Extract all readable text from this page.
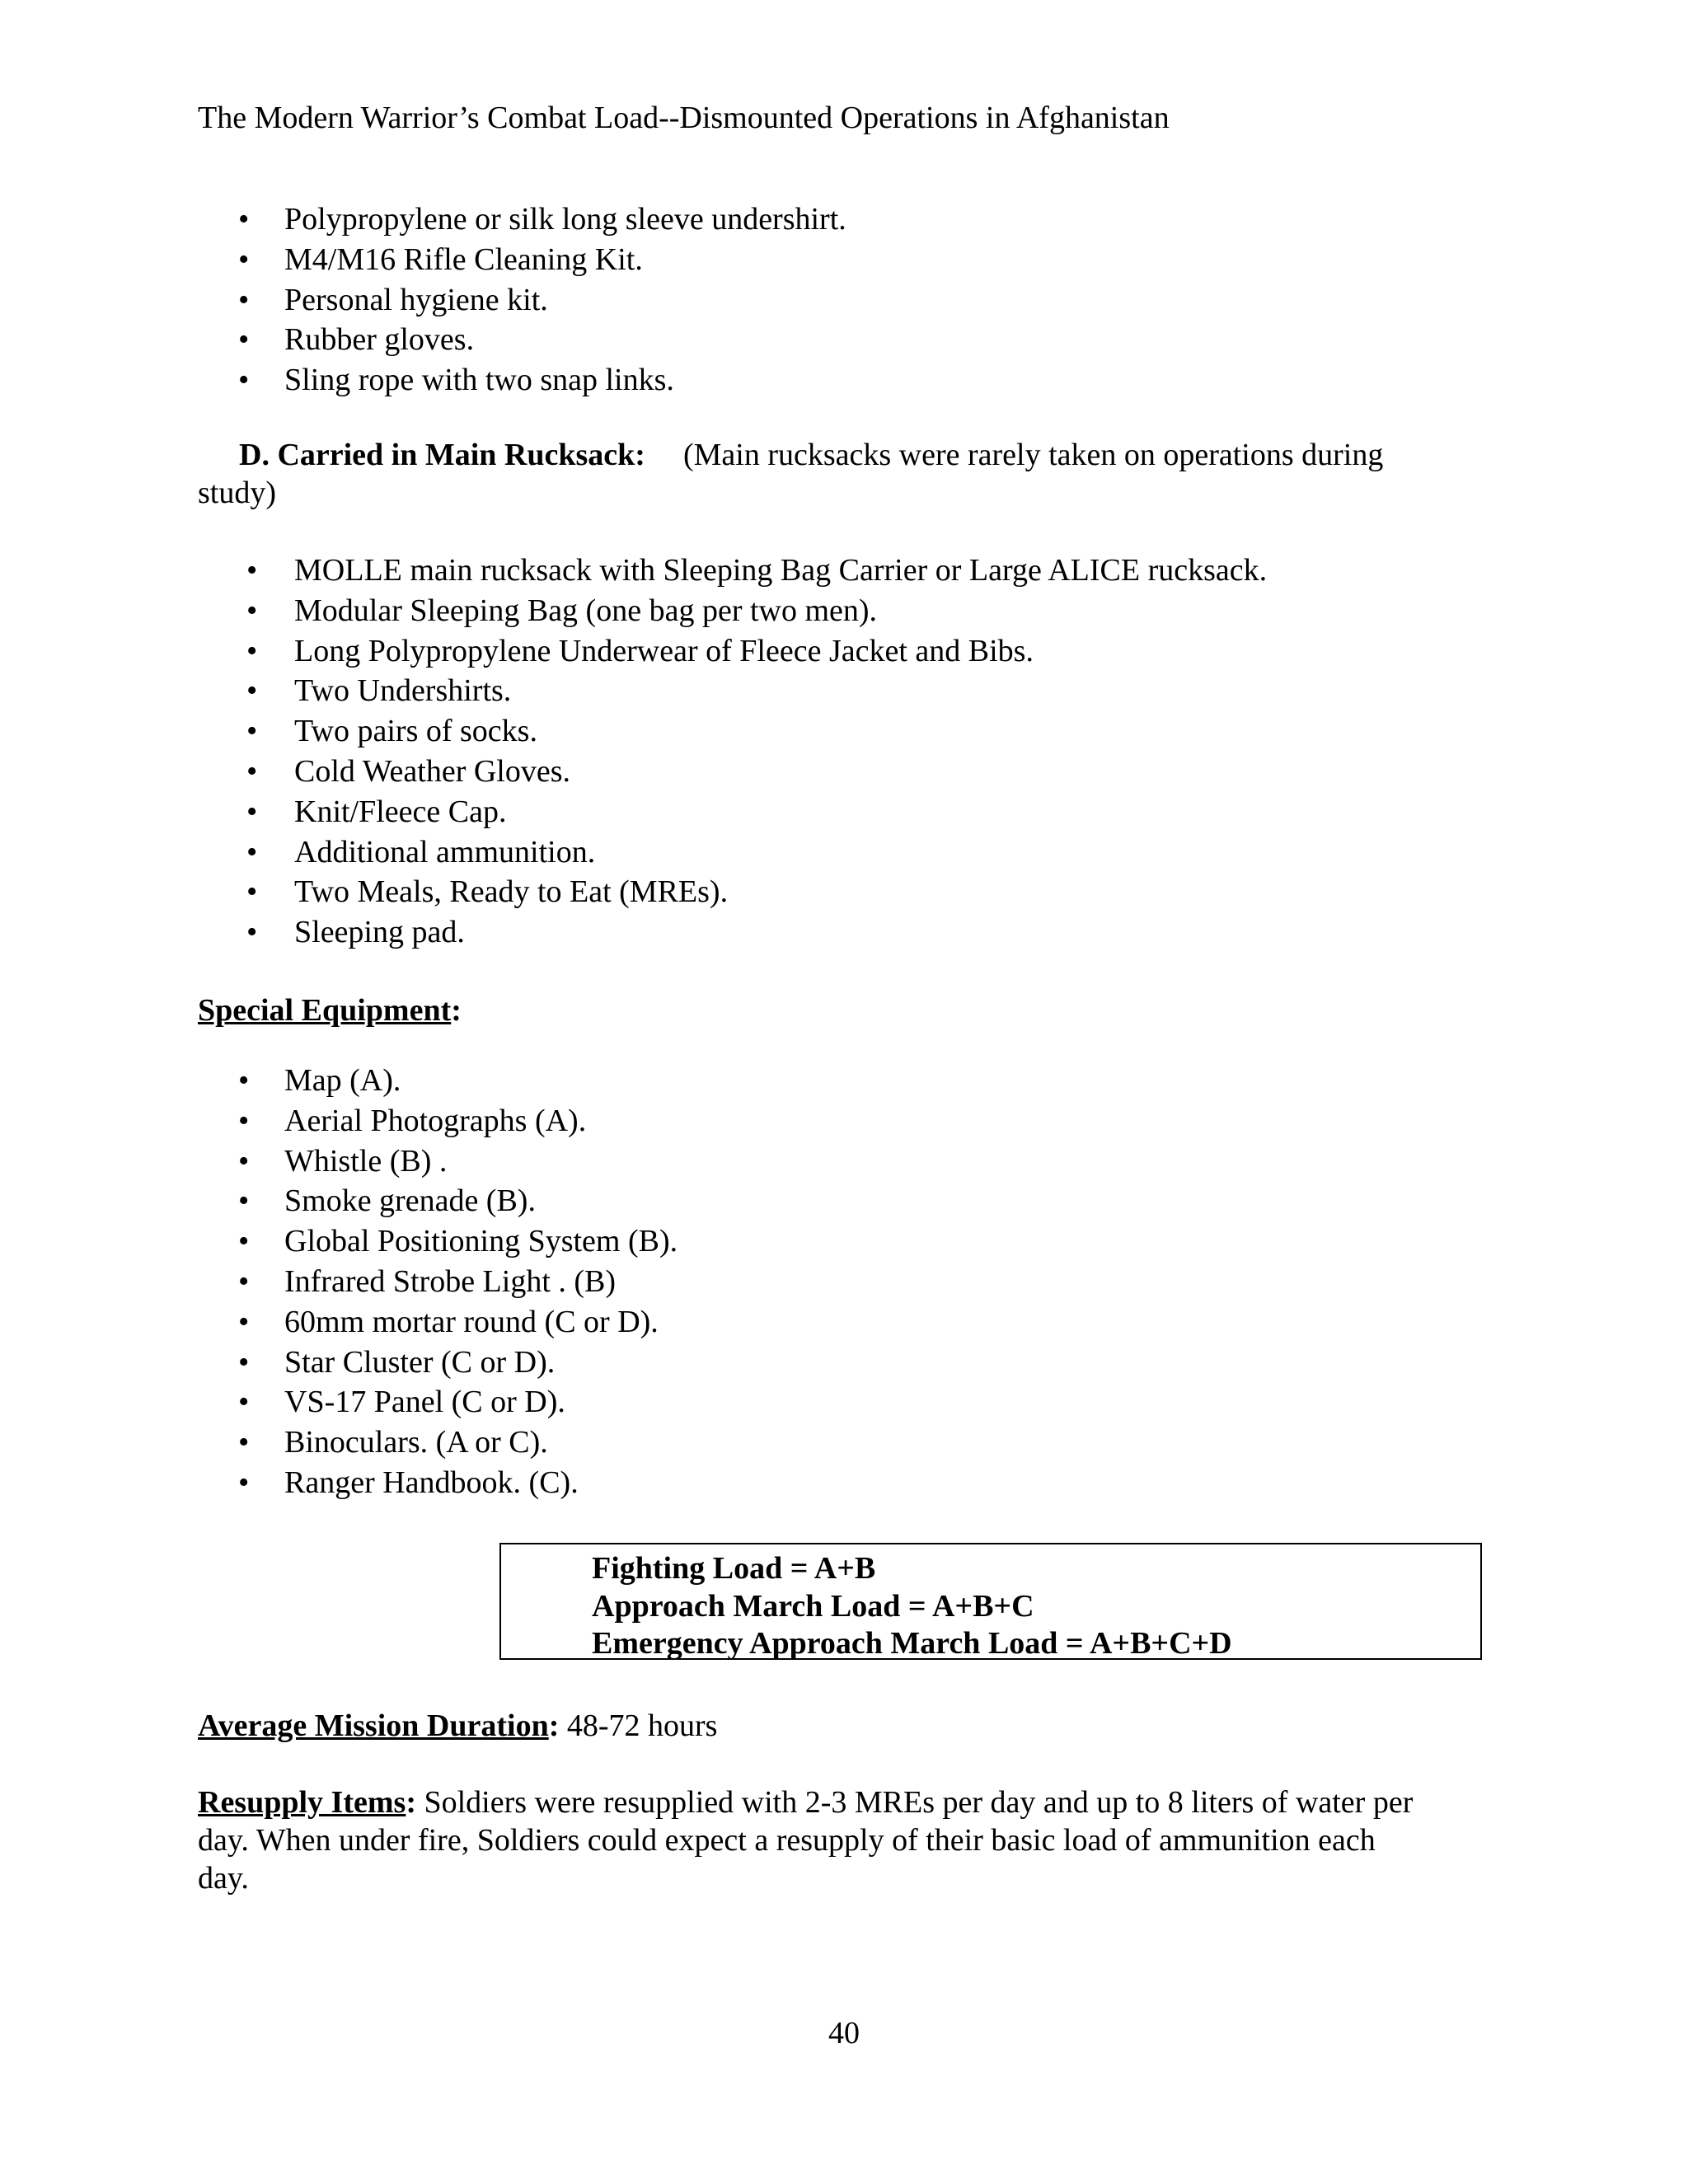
The Modern Warrior’s Combat Load--Dismounted Operations in Afghanistan
• Polypropylene or silk long sleeve undershirt.
• M4/M16 Rifle Cleaning Kit.
• Personal hygiene kit.
• Rubber gloves.
• Sling rope with two snap links.
D. Carried in Main Rucksack: (Main rucksacks were rarely taken on operations during
study)
• MOLLE main rucksack with Sleeping Bag Carrier or Large ALICE rucksack.
• Modular Sleeping Bag (one bag per two men).
• Long Polypropylene Underwear of Fleece Jacket and Bibs.
• Two Undershirts.
• Two pairs of socks.
• Cold Weather Gloves.
• Knit/Fleece Cap.
• Additional ammunition.
• Two Meals, Ready to Eat (MREs).
• Sleeping pad.
Special Equipment:
• Map (A).
• Aerial Photographs (A).
• Whistle (B) .
• Smoke grenade (B).
• Global Positioning System (B).
• Infrared Strobe Light . (B)
• 60mm mortar round (C or D).
• Star Cluster (C or D).
• VS-17 Panel (C or D).
• Binoculars. (A or C).
• Ranger Handbook. (C).
Fighting Load = A+B
Approach March Load = A+B+C
Emergency Approach March Load = A+B+C+D
Average Mission Duration: 48-72 hours
Resupply Items: Soldiers were resupplied with 2-3 MREs per day and up to 8 liters of water per
day. When under fire, Soldiers could expect a resupply of their basic load of ammunition each
day.
40
